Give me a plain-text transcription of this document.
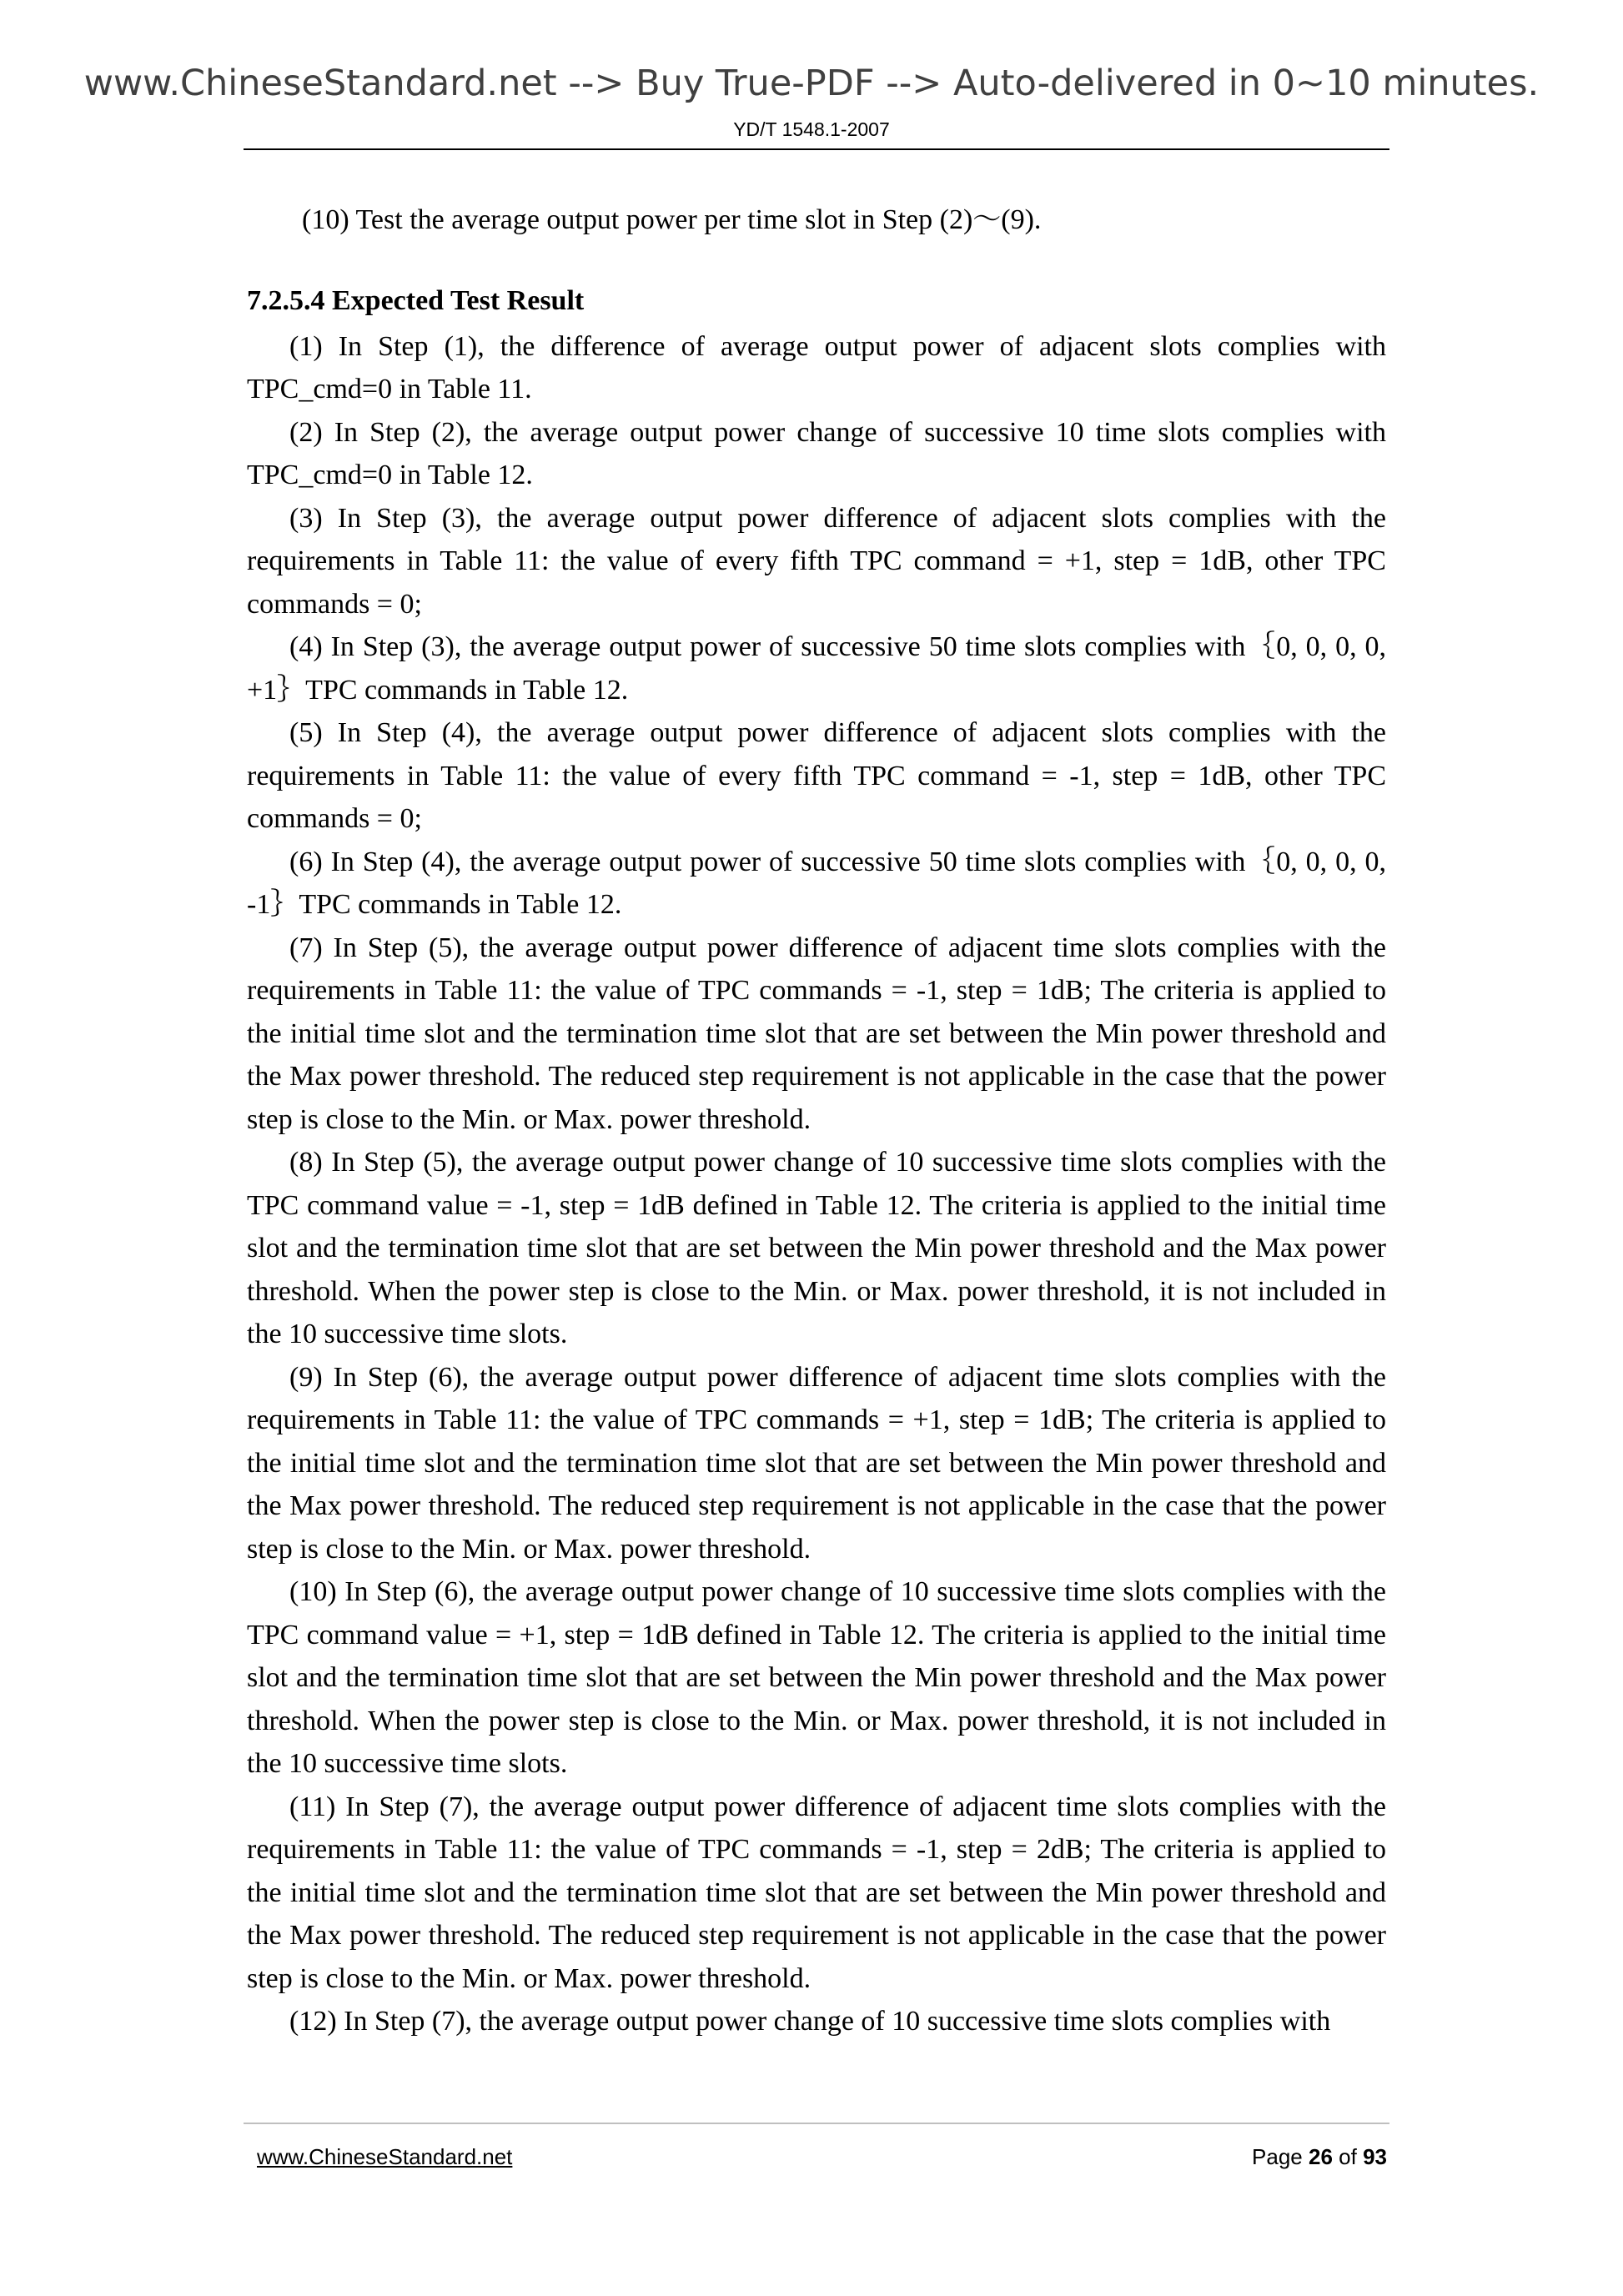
www.ChineseStandard.net --> Buy True-PDF --> Auto-delivered in 0~10 minutes.
YD/T 1548.1-2007

(10) Test the average output power per time slot in Step (2)～(9).

7.2.5.4 Expected Test Result

(1) In Step (1), the difference of average output power of adjacent slots complies with TPC_cmd=0 in Table 11.

(2) In Step (2), the average output power change of successive 10 time slots complies with TPC_cmd=0 in Table 12.

(3) In Step (3), the average output power difference of adjacent slots complies with the requirements in Table 11: the value of every fifth TPC command = +1, step = 1dB, other TPC commands = 0;

(4) In Step (3), the average output power of successive 50 time slots complies with｛0, 0, 0, 0, +1｝TPC commands in Table 12.

(5) In Step (4), the average output power difference of adjacent slots complies with the requirements in Table 11: the value of every fifth TPC command = -1, step = 1dB, other TPC commands = 0;

(6) In Step (4), the average output power of successive 50 time slots complies with｛0, 0, 0, 0, -1｝TPC commands in Table 12.

(7) In Step (5), the average output power difference of adjacent time slots complies with the requirements in Table 11: the value of TPC commands = -1, step = 1dB; The criteria is applied to the initial time slot and the termination time slot that are set between the Min power threshold and the Max power threshold. The reduced step requirement is not applicable in the case that the power step is close to the Min. or Max. power threshold.

(8) In Step (5), the average output power change of 10 successive time slots complies with the TPC command value = -1, step = 1dB defined in Table 12. The criteria is applied to the initial time slot and the termination time slot that are set between the Min power threshold and the Max power threshold. When the power step is close to the Min. or Max. power threshold, it is not included in the 10 successive time slots.

(9) In Step (6), the average output power difference of adjacent time slots complies with the requirements in Table 11: the value of TPC commands = +1, step = 1dB; The criteria is applied to the initial time slot and the termination time slot that are set between the Min power threshold and the Max power threshold. The reduced step requirement is not applicable in the case that the power step is close to the Min. or Max. power threshold.

(10) In Step (6), the average output power change of 10 successive time slots complies with the TPC command value = +1, step = 1dB defined in Table 12. The criteria is applied to the initial time slot and the termination time slot that are set between the Min power threshold and the Max power threshold. When the power step is close to the Min. or Max. power threshold, it is not included in the 10 successive time slots.

(11) In Step (7), the average output power difference of adjacent time slots complies with the requirements in Table 11: the value of TPC commands = -1, step = 2dB; The criteria is applied to the initial time slot and the termination time slot that are set between the Min power threshold and the Max power threshold. The reduced step requirement is not applicable in the case that the power step is close to the Min. or Max. power threshold.

(12) In Step (7), the average output power change of 10 successive time slots complies with

www.ChineseStandard.net	Page 26 of 93
